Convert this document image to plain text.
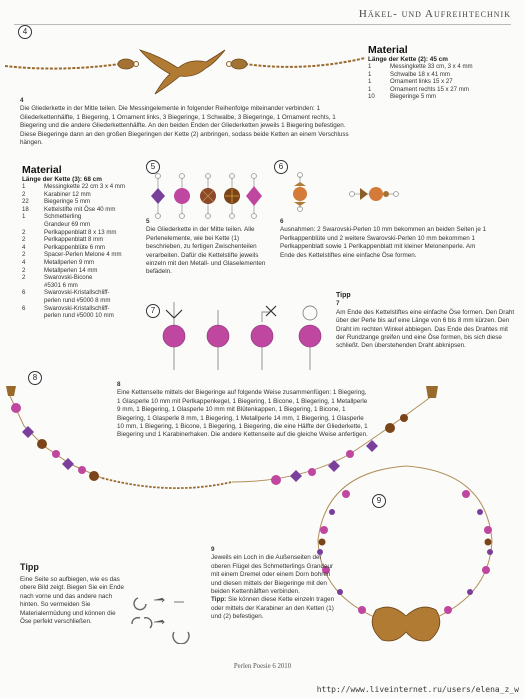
Häkel- und Aufreihtechnik
4
Material
Länge der Kette (2): 45 cm
1	Messingkette 33 cm, 3 x 4 mm
1	Schwalbe 18 x 41 mm
1	Ornament links 15 x 27
1	Ornament rechts 15 x 27 mm
10	Biegeringe 5 mm
4
Die Gliederkette in der Mitte teilen. Die Messingelemente in folgender Reihenfolge miteinander verbinden: 1 Gliederkettenhälfte, 1 Biegering, 1 Ornament links, 3 Biegeringe, 1 Schwalbe, 3 Biegeringe, 1 Ornament rechts, 1 Biegering und die andere Gliederkettenhälfte. An den beiden Enden der Gliederketten jeweils 1 Biegering befestigen. Diese Biegeringe dann an den großen Biegeringen der Kette (2) anbringen, sodass beide Ketten an einem Verschluss hängen.
Material
Länge der Kette (3): 68 cm
1	Messingkette 22 cm 3 x 4 mm
2	Karabiner 12 mm
22	Biegeringe 5 mm
18	Kettelstifte mit Öse 40 mm
1	Schmetterling
Grandeur 69 mm
2	Perlkappenblatt 8 x 13 mm
2	Perlkappenblatt 8 mm
4	Perlkappenblüte 6 mm
2	Spacer-Perlen Melone 4 mm
4	Metallperlen 9 mm
2	Metallperlen 14 mm
2	Swarovski-Bicone
#5301 6 mm
6	Swarovski-Kristallschliff-
perlen rund #5000 8 mm
6	Swarovski-Kristallschliff-
perlen rund #5000 10 mm
5
5
Die Gliederkette in der Mitte teilen. Alle Perlenelemente, wie bei Kette (1) beschrieben, zu fertigen Zwischenteilen verarbeiten. Dafür die Kettelstifte jeweils einzeln mit den Metall- und Glaselementen befädeln.
6
6
Ausnahmen: 2 Swarovski-Perlen 10 mm bekommen an beiden Seiten je 1 Perlkappenblüte und 2 weitere Swarovski-Perlen 10 mm bekommen 1 Perlkappenblatt sowie 1 Perlkappenblatt mit kleiner Melonenperle. Am Ende des Kettelstiftes eine einfache Öse formen.
7
Tipp
7
Am Ende des Kettelstiftes eine einfache Öse formen. Den Draht über der Perle bis auf eine Länge von 6 bis 8 mm kürzen. Den Draht im rechten Winkel abbiegen. Das Ende des Drahtes mit der Rundzange greifen und eine Öse formen, bis sich diese schließt. Den überstehenden Draht abknipsen.
8
8
Eine Kettenseite mittels der Biegeringe auf folgende Weise zusammenfügen: 1 Biegering, 1 Glasperle 10 mm mit Perlkappenkegel, 1 Biegering, 1 Bicone, 1 Biegering, 1 Metallperle 9 mm, 1 Biegering, 1 Glasperle 10 mm mit Blütenkappen, 1 Biegering, 1 Bicone, 1 Biegering, 1 Glasperle 8 mm, 1 Biegering, 1 Metallperle 14 mm, 1 Biegering, 1 Glasperle 10 mm, 1 Biegering, 1 Bicone, 1 Biegering, 1 Biegering, die eine Hälfte der Gliederkette, 1 Biegering und 1 Karabinerhaken. Die andere Kettenseite auf die gleiche Weise anfertigen.
9
9
Jeweils ein Loch in die Außenseiten der oberen Flügel des Schmetterlings Grandeur mit einem Dremel oder einem Dorn bohren und diesen mittels der Biegeringe mit den beiden Kettenhälften verbinden.
Tipp: Sie können diese Kette einzeln tragen oder mittels der Karabiner an den Ketten (1) und (2) befestigen.
Tipp
Eine Seite so aufbiegen, wie es das obere Bild zeigt. Biegen Sie ein Ende nach vorne und das andere nach hinten. So vermeiden Sie Materialermüdung und können die Öse perfekt verschließen.
Perlen Poesie 6 2010
http://www.liveinternet.ru/users/elena_z_w
